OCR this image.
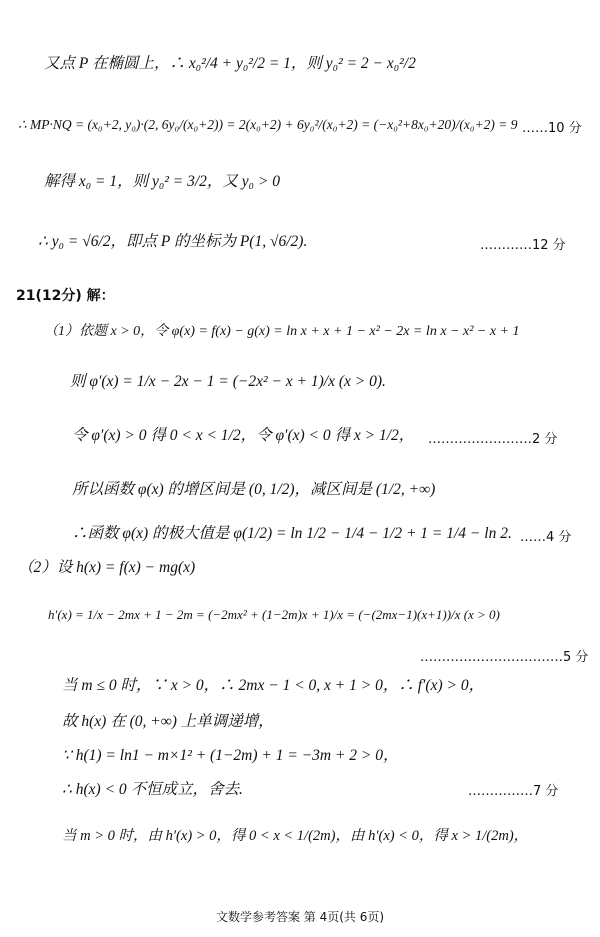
又点 P 在椭圆上，∴ x₀²/4 + y₀²/2 = 1，则 y₀² = 2 − x₀²/2
∴ MP·NQ = (x₀+2, y₀)·(2, 6y₀/(x₀+2)) = 2(x₀+2) + 6y₀²/(x₀+2) = (−x₀²+8x₀+20)/(x₀+2) = 9 ……10 分
解得 x₀ = 1，则 y₀² = 3/2，又 y₀ > 0
∴ y₀ = √6/2，即点 P 的坐标为 P(1, √6/2).	…………12 分
21(12分) 解：
（1）依题 x > 0，令 φ(x) = f(x) − g(x) = ln x + x + 1 − x² − 2x = ln x − x² − x + 1
则 φ′(x) = 1/x − 2x − 1 = (−2x² − x + 1)/x (x > 0).
令 φ′(x) > 0 得 0 < x < 1/2，令 φ′(x) < 0 得 x > 1/2， ……………………2 分
所以函数 φ(x) 的增区间是 (0, 1/2)，减区间是 (1/2, +∞)
∴函数 φ(x) 的极大值是 φ(1/2) = ln 1/2 − 1/4 − 1/2 + 1 = 1/4 − ln 2. ……4 分
（2）设 h(x) = f(x) − mg(x)
h′(x) = 1/x − 2mx + 1 − 2m = (−2mx² + (1−2m)x + 1)/x = (−(2mx−1)(x+1))/x (x > 0)
……………………………5 分
当 m ≤ 0 时，∵ x > 0，∴ 2mx − 1 < 0, x + 1 > 0，∴ f′(x) > 0，
故 h(x) 在 (0, +∞) 上单调递增，
∵ h(1) = ln1 − m×1² + (1−2m) + 1 = −3m + 2 > 0，
∴ h(x) < 0 不恒成立，舍去.	……………7 分
当 m > 0 时，由 h′(x) > 0，得 0 < x < 1/(2m)，由 h′(x) < 0，得 x > 1/(2m)，
文数学参考答案 第 4页(共 6页)
